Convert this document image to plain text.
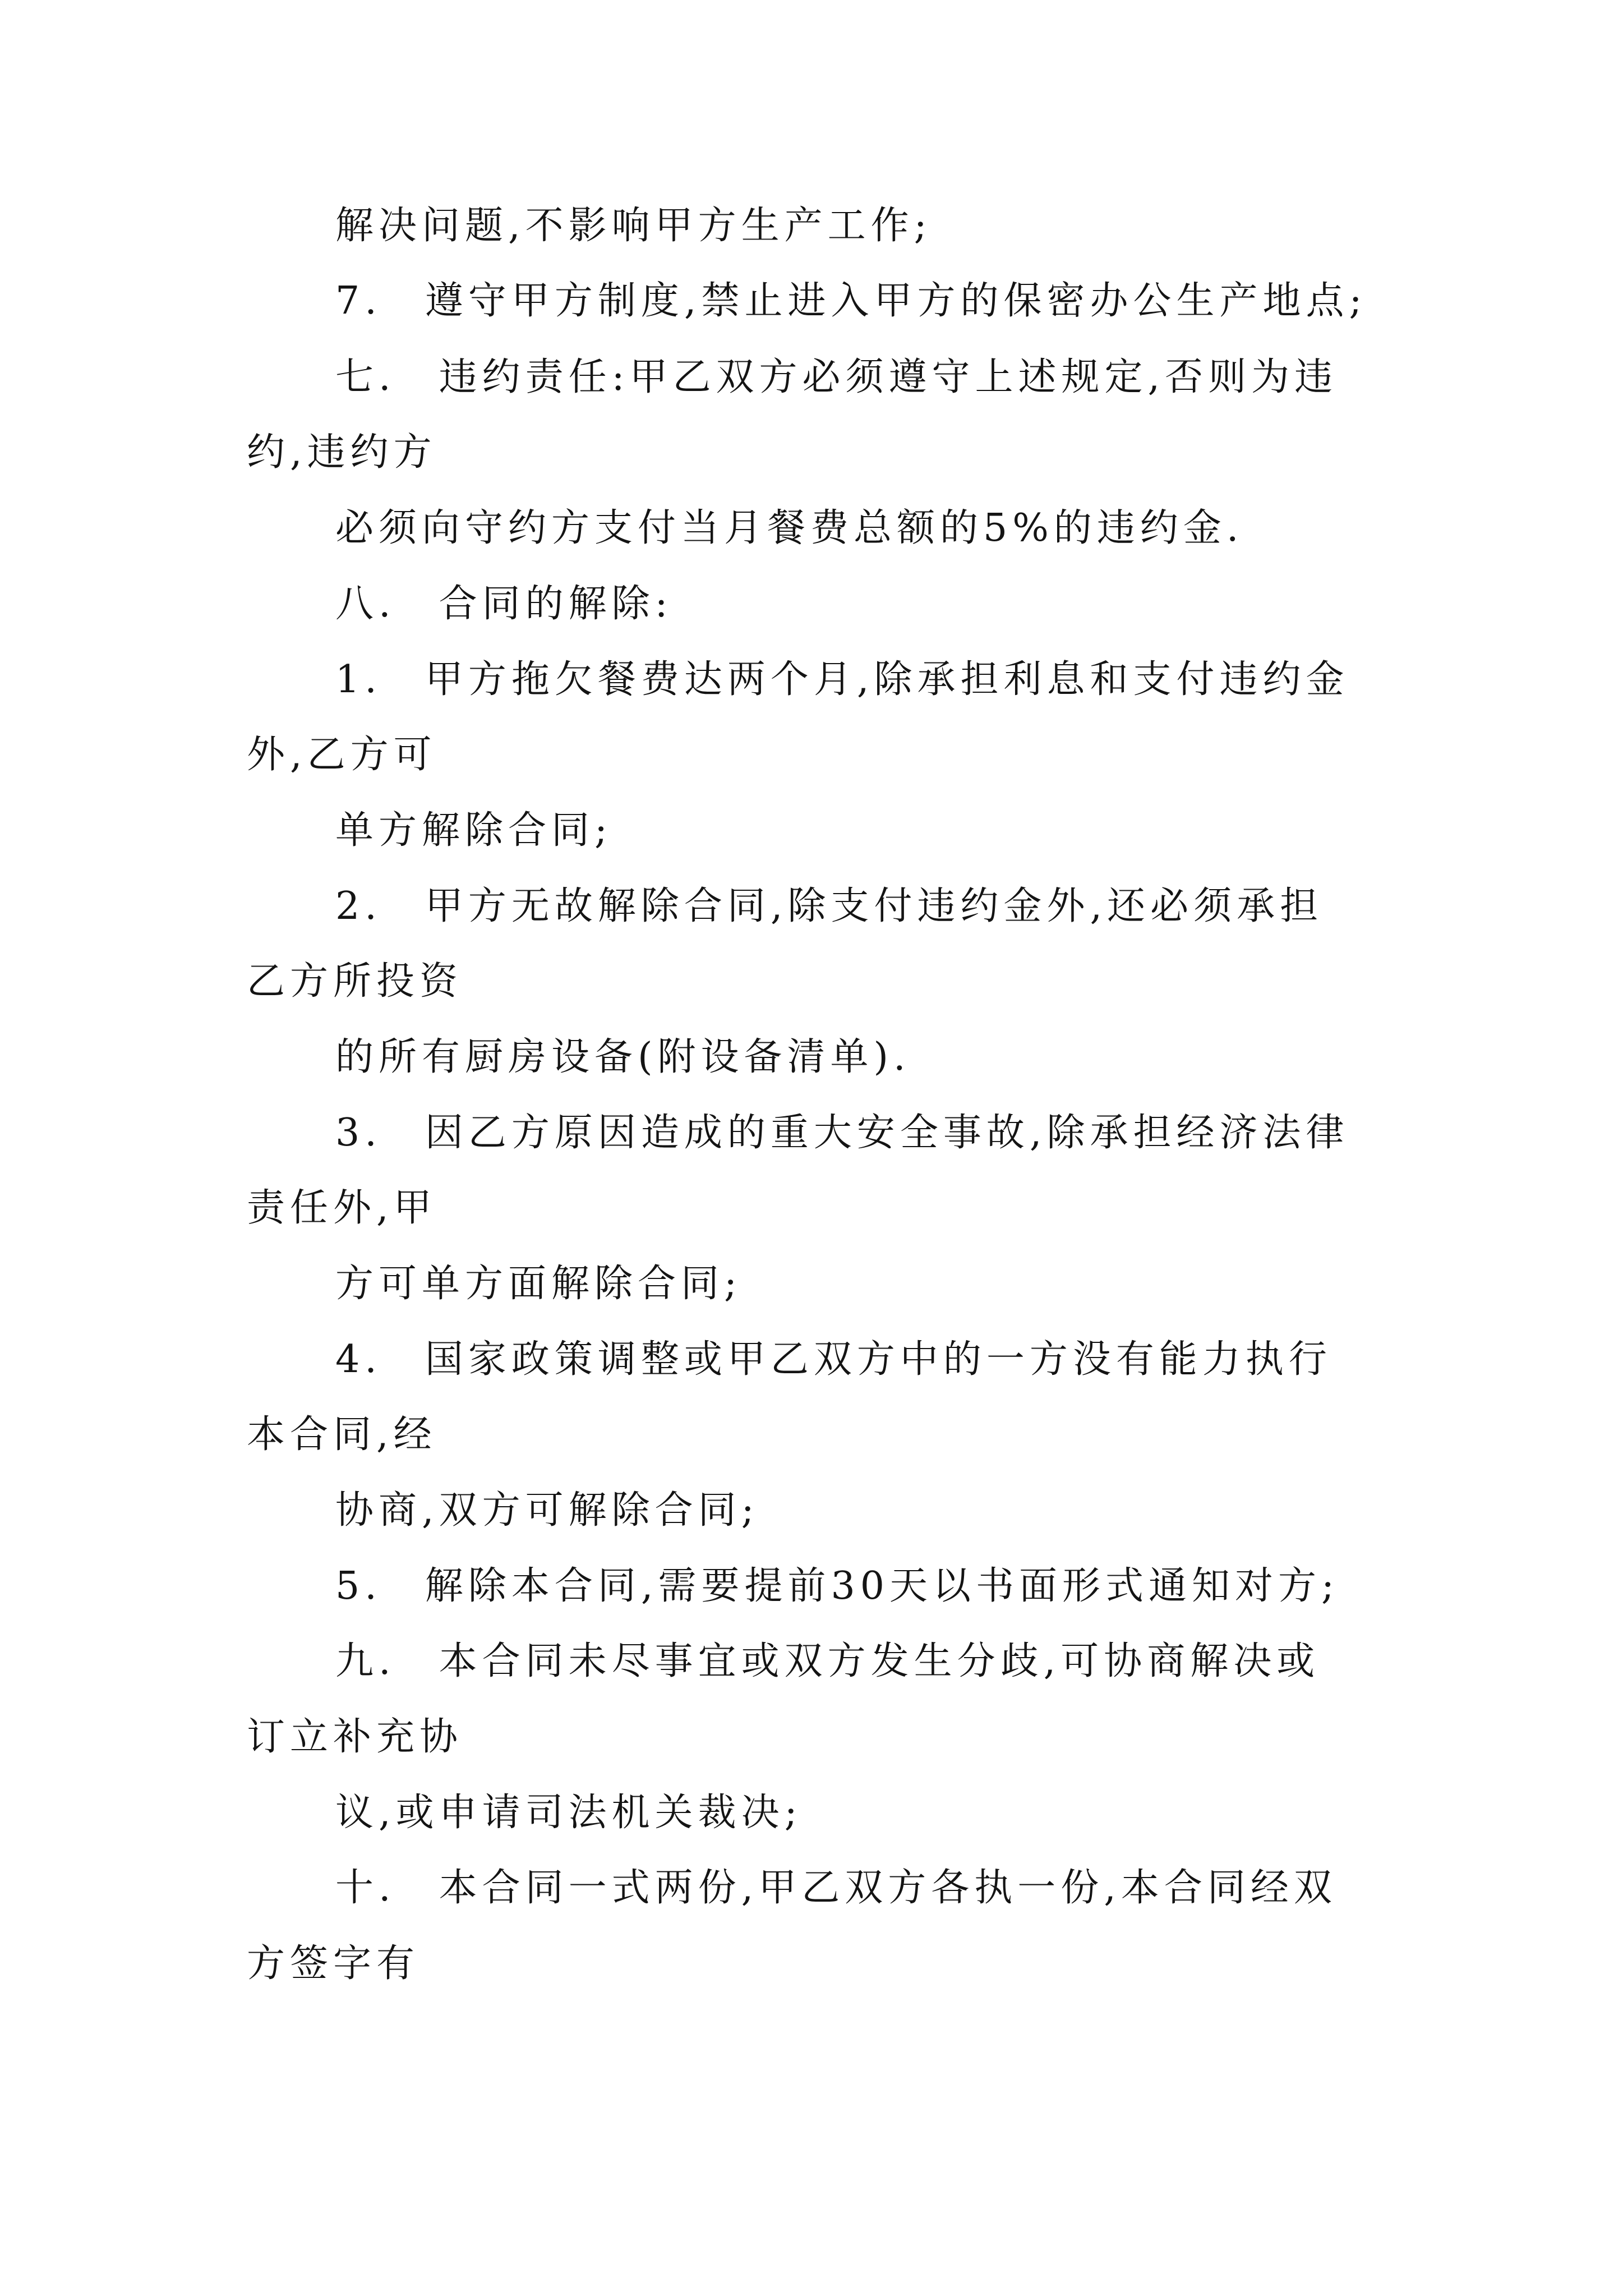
解决问题,不影响甲方生产工作;
7.　遵守甲方制度,禁止进入甲方的保密办公生产地点;
七.　违约责任:甲乙双方必须遵守上述规定,否则为违
约,违约方
必须向守约方支付当月餐费总额的5%的违约金.
八.　合同的解除:
1.　甲方拖欠餐费达两个月,除承担利息和支付违约金
外,乙方可
单方解除合同;
2.　甲方无故解除合同,除支付违约金外,还必须承担
乙方所投资
的所有厨房设备(附设备清单).
3.　因乙方原因造成的重大安全事故,除承担经济法律
责任外,甲
方可单方面解除合同;
4.　国家政策调整或甲乙双方中的一方没有能力执行
本合同,经
协商,双方可解除合同;
5.　解除本合同,需要提前30天以书面形式通知对方;
九.　本合同未尽事宜或双方发生分歧,可协商解决或
订立补充协
议,或申请司法机关裁决;
十.　本合同一式两份,甲乙双方各执一份,本合同经双
方签字有
